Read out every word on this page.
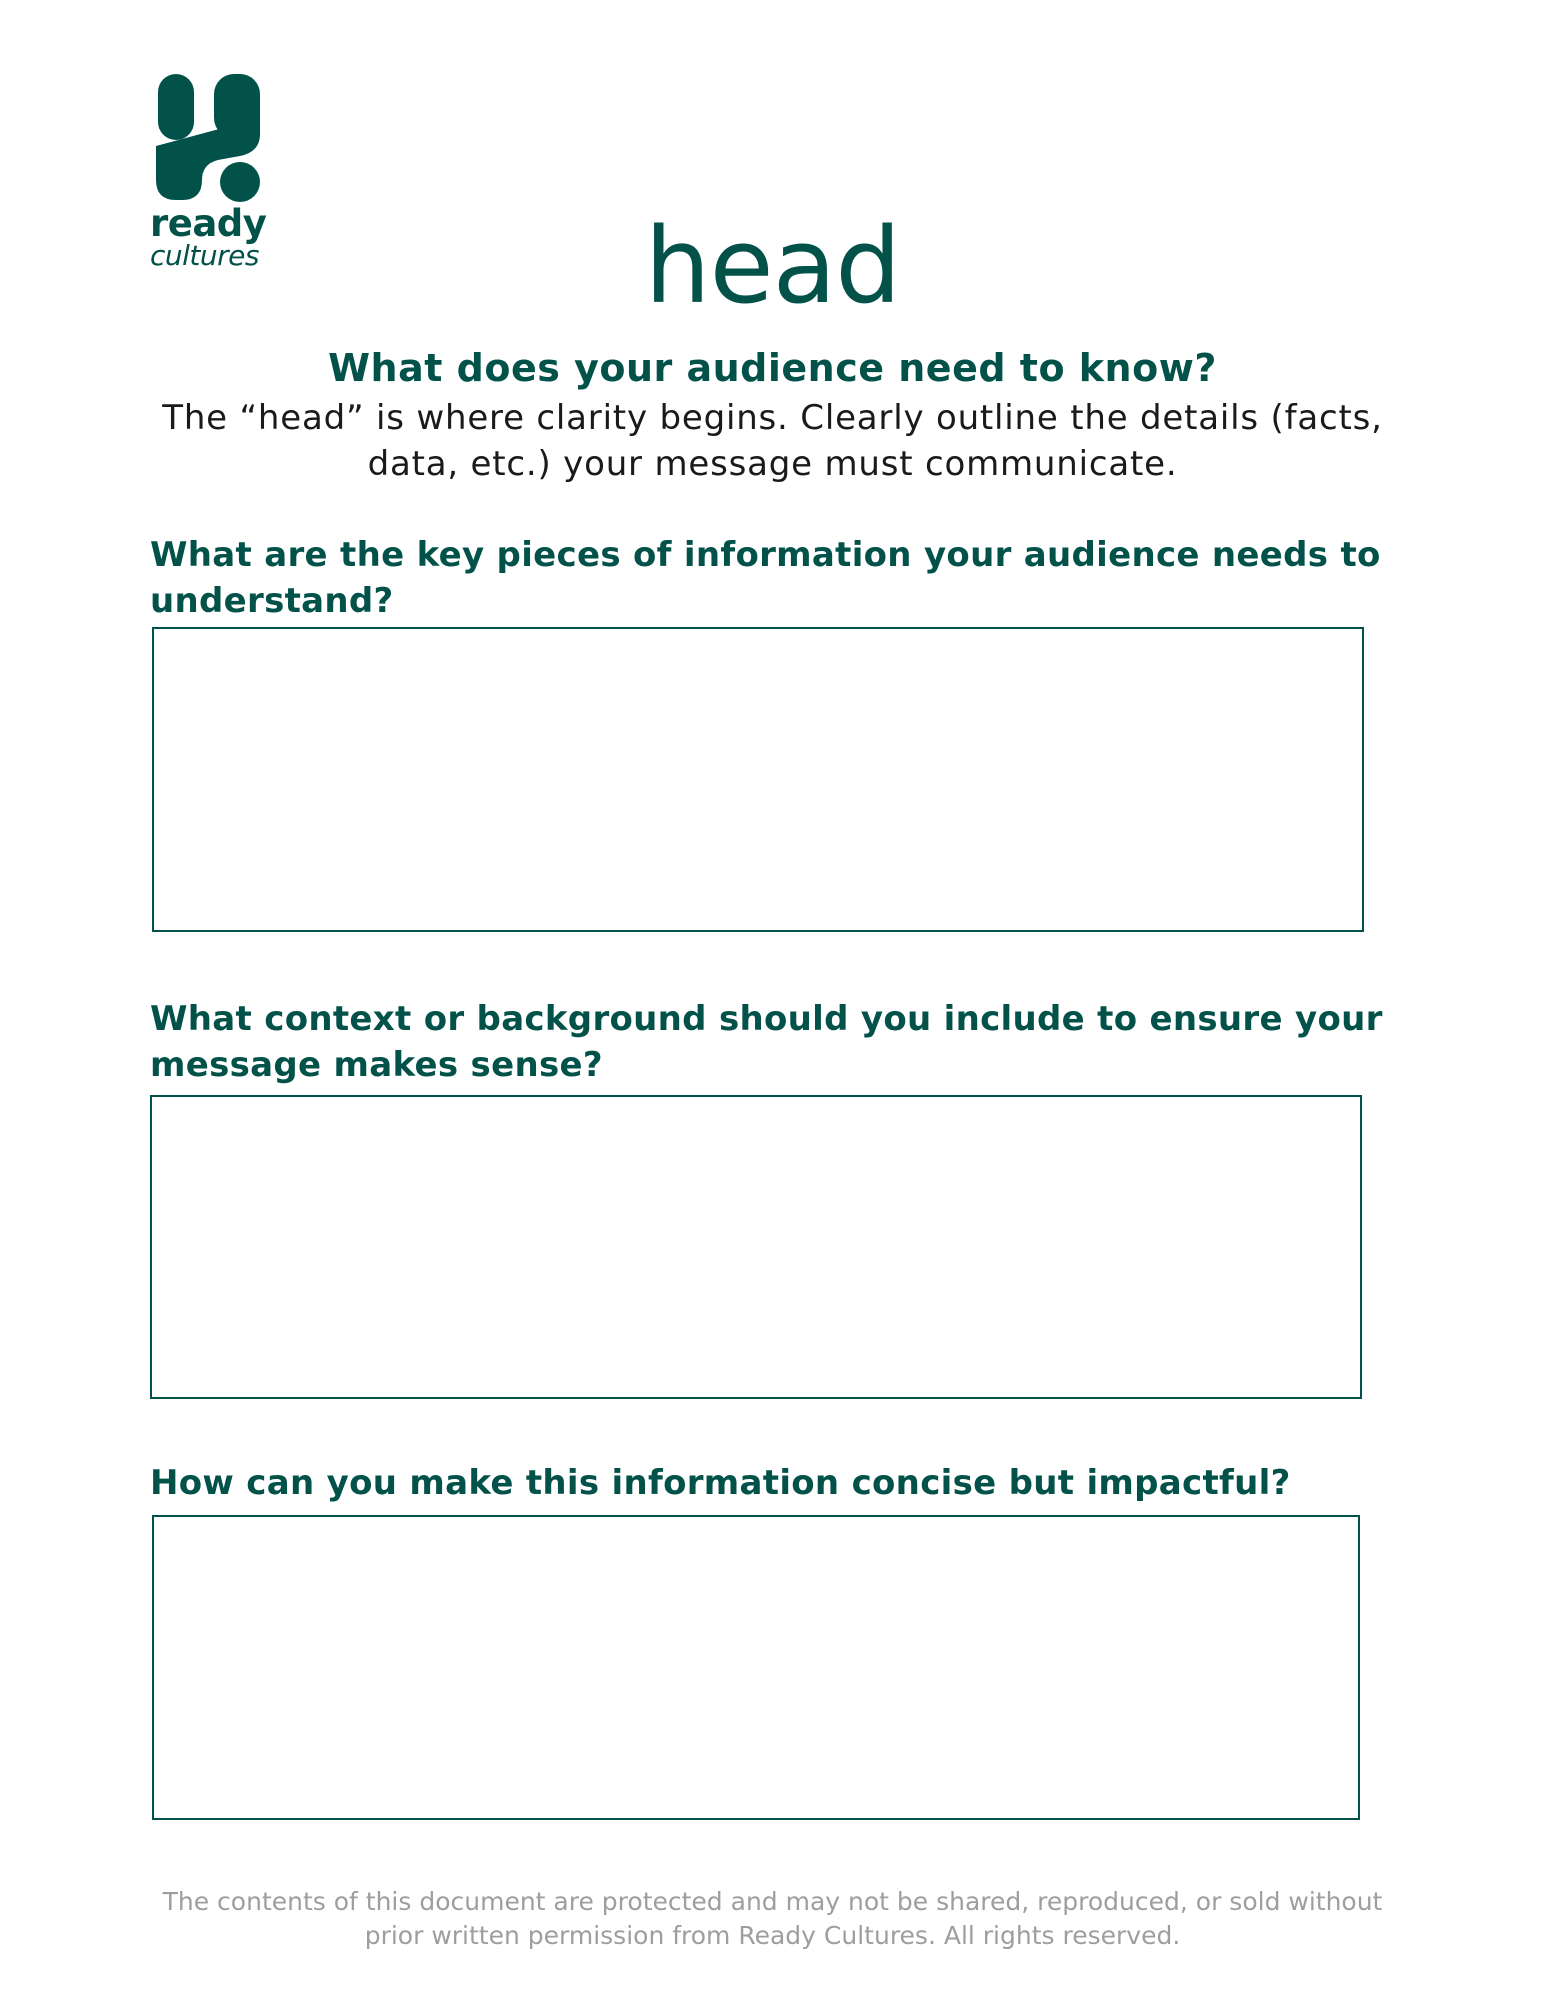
ready
cultures	head
What does your audience need to know?
The “head” is where clarity begins. Clearly outline the details (facts, data, etc.) your message must communicate.
What are the key pieces of information your audience needs to understand?
What context or background should you include to ensure your message makes sense?
How can you make this information concise but impactful?
The contents of this document are protected and may not be shared, reproduced, or sold without prior written permission from Ready Cultures. All rights reserved.
